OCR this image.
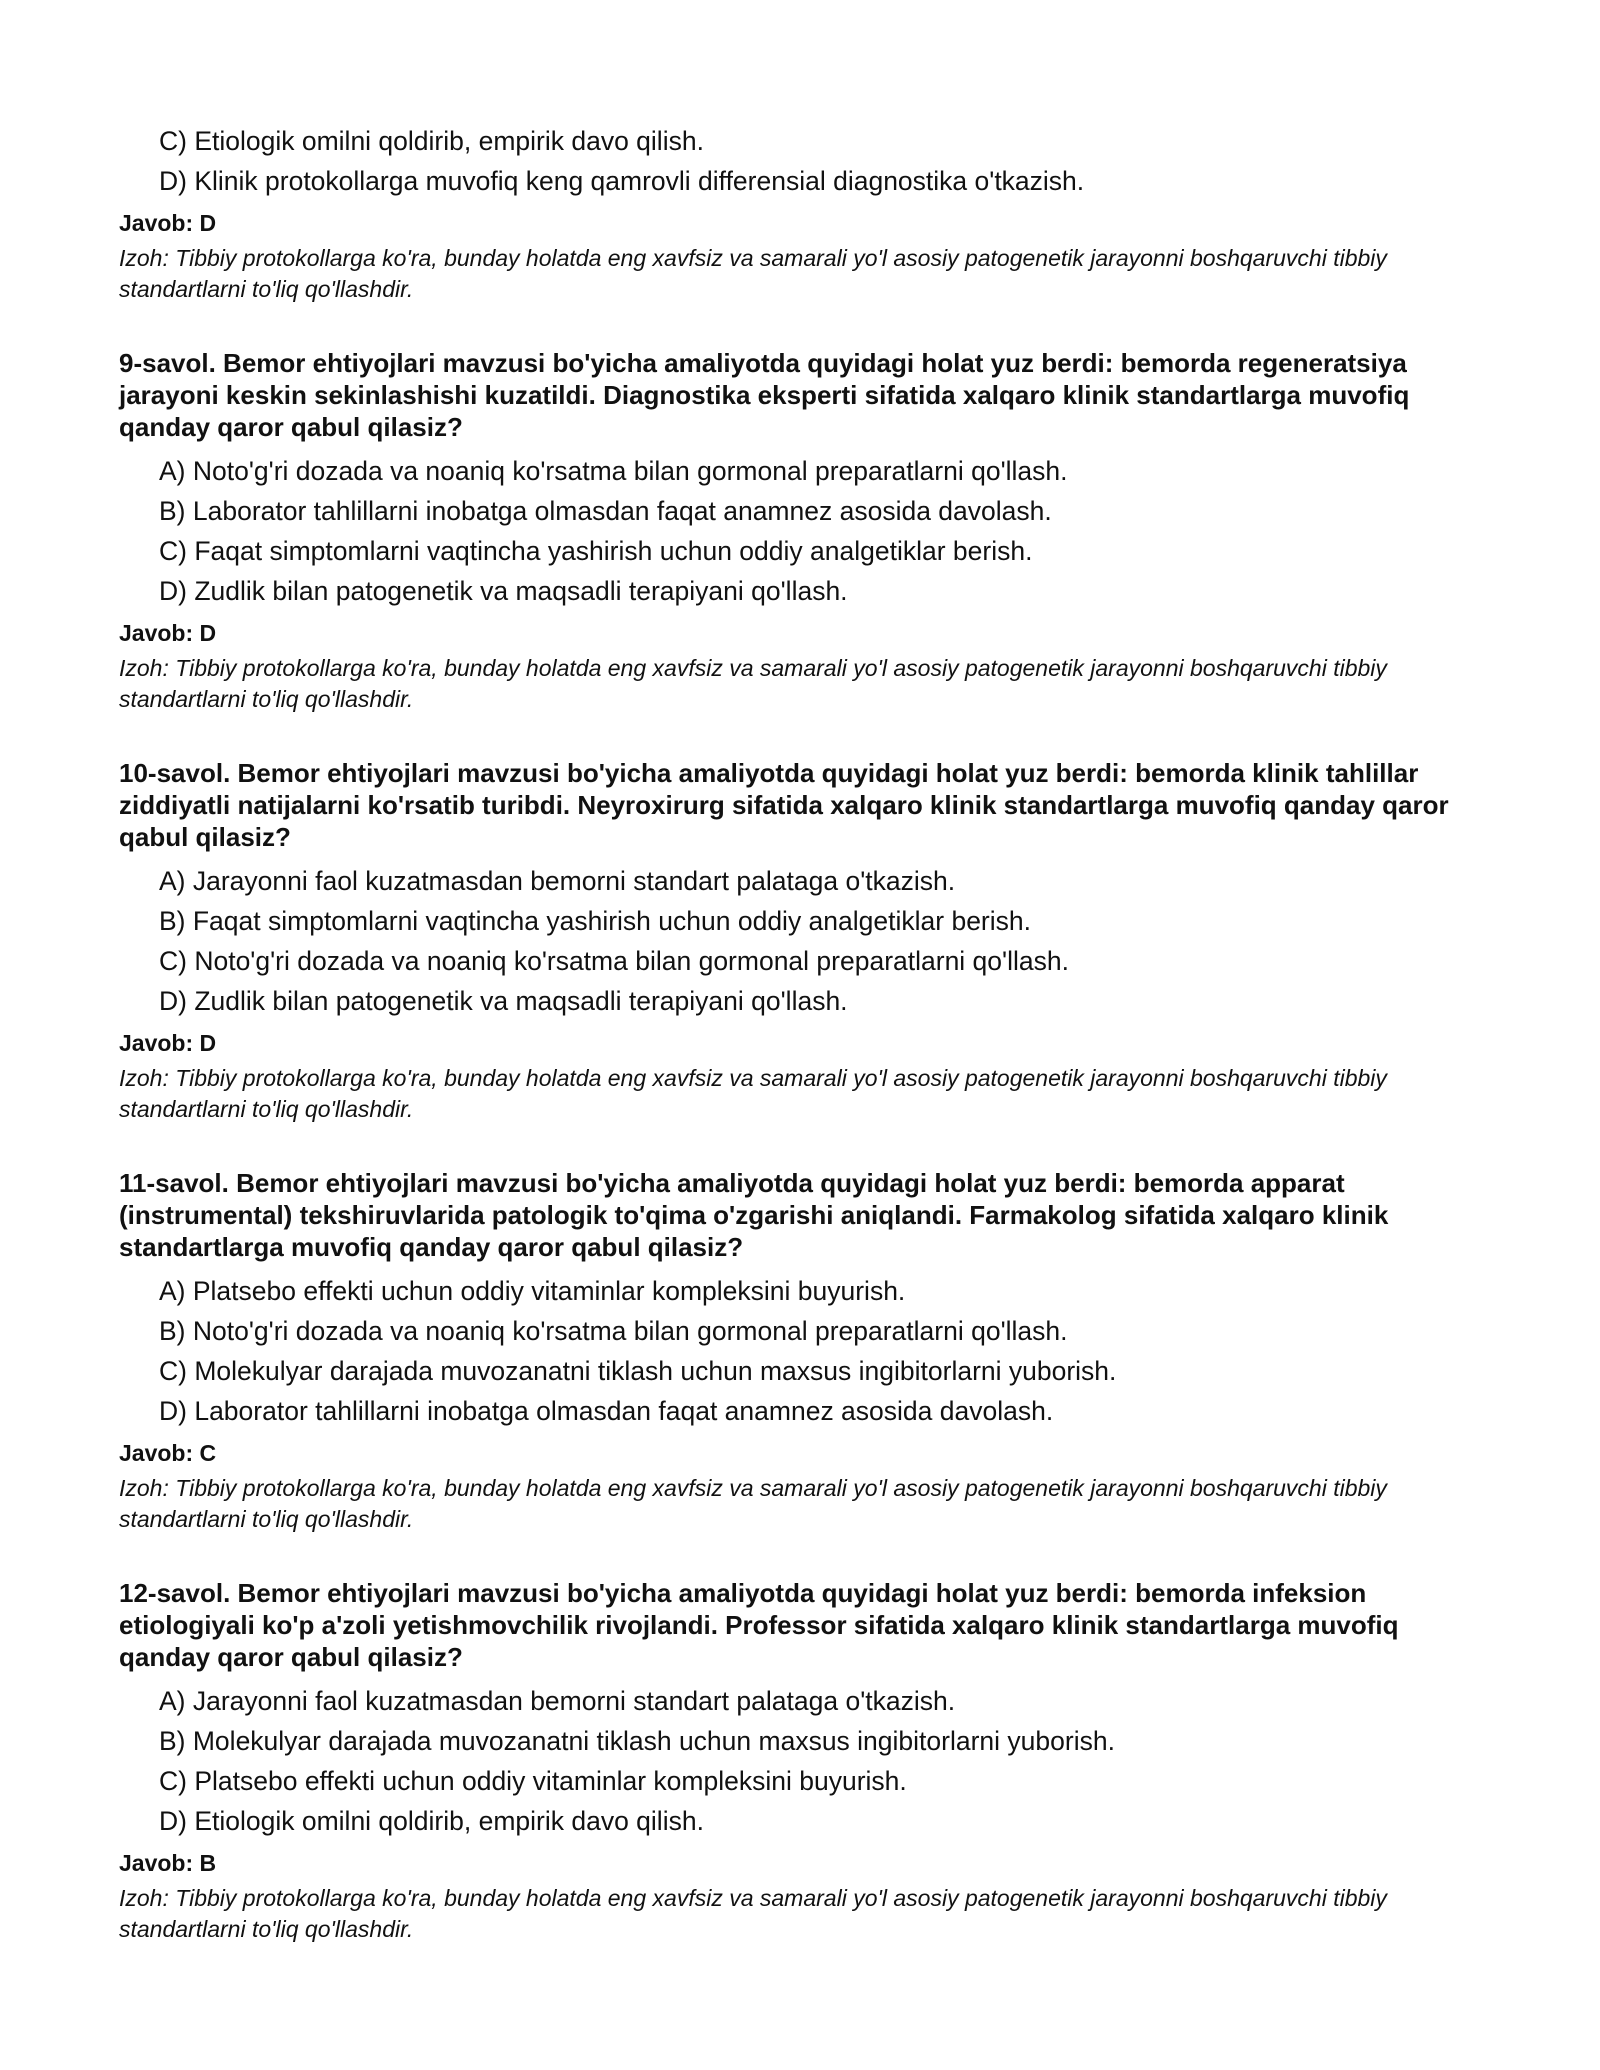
C) Etiologik omilni qoldirib, empirik davo qilish.
D) Klinik protokollarga muvofiq keng qamrovli differensial diagnostika o'tkazish.

Javob: D

Izoh: Tibbiy protokollarga ko'ra, bunday holatda eng xavfsiz va samarali yo'l asosiy patogenetik jarayonni boshqaruvchi tibbiy standartlarni to'liq qo'llashdir.

9-savol. Bemor ehtiyojlari mavzusi bo'yicha amaliyotda quyidagi holat yuz berdi: bemorda regeneratsiya jarayoni keskin sekinlashishi kuzatildi. Diagnostika eksperti sifatida xalqaro klinik standartlarga muvofiq qanday qaror qabul qilasiz?

A) Noto'g'ri dozada va noaniq ko'rsatma bilan gormonal preparatlarni qo'llash.
B) Laborator tahlillarni inobatga olmasdan faqat anamnez asosida davolash.
C) Faqat simptomlarni vaqtincha yashirish uchun oddiy analgetiklar berish.
D) Zudlik bilan patogenetik va maqsadli terapiyani qo'llash.

Javob: D

Izoh: Tibbiy protokollarga ko'ra, bunday holatda eng xavfsiz va samarali yo'l asosiy patogenetik jarayonni boshqaruvchi tibbiy standartlarni to'liq qo'llashdir.

10-savol. Bemor ehtiyojlari mavzusi bo'yicha amaliyotda quyidagi holat yuz berdi: bemorda klinik tahlillar ziddiyatli natijalarni ko'rsatib turibdi. Neyroxirurg sifatida xalqaro klinik standartlarga muvofiq qanday qaror qabul qilasiz?

A) Jarayonni faol kuzatmasdan bemorni standart palataga o'tkazish.
B) Faqat simptomlarni vaqtincha yashirish uchun oddiy analgetiklar berish.
C) Noto'g'ri dozada va noaniq ko'rsatma bilan gormonal preparatlarni qo'llash.
D) Zudlik bilan patogenetik va maqsadli terapiyani qo'llash.

Javob: D

Izoh: Tibbiy protokollarga ko'ra, bunday holatda eng xavfsiz va samarali yo'l asosiy patogenetik jarayonni boshqaruvchi tibbiy standartlarni to'liq qo'llashdir.

11-savol. Bemor ehtiyojlari mavzusi bo'yicha amaliyotda quyidagi holat yuz berdi: bemorda apparat (instrumental) tekshiruvlarida patologik to'qima o'zgarishi aniqlandi. Farmakolog sifatida xalqaro klinik standartlarga muvofiq qanday qaror qabul qilasiz?

A) Platsebo effekti uchun oddiy vitaminlar kompleksini buyurish.
B) Noto'g'ri dozada va noaniq ko'rsatma bilan gormonal preparatlarni qo'llash.
C) Molekulyar darajada muvozanatni tiklash uchun maxsus ingibitorlarni yuborish.
D) Laborator tahlillarni inobatga olmasdan faqat anamnez asosida davolash.

Javob: C

Izoh: Tibbiy protokollarga ko'ra, bunday holatda eng xavfsiz va samarali yo'l asosiy patogenetik jarayonni boshqaruvchi tibbiy standartlarni to'liq qo'llashdir.

12-savol. Bemor ehtiyojlari mavzusi bo'yicha amaliyotda quyidagi holat yuz berdi: bemorda infeksion etiologiyali ko'p a'zoli yetishmovchilik rivojlandi. Professor sifatida xalqaro klinik standartlarga muvofiq qanday qaror qabul qilasiz?

A) Jarayonni faol kuzatmasdan bemorni standart palataga o'tkazish.
B) Molekulyar darajada muvozanatni tiklash uchun maxsus ingibitorlarni yuborish.
C) Platsebo effekti uchun oddiy vitaminlar kompleksini buyurish.
D) Etiologik omilni qoldirib, empirik davo qilish.

Javob: B

Izoh: Tibbiy protokollarga ko'ra, bunday holatda eng xavfsiz va samarali yo'l asosiy patogenetik jarayonni boshqaruvchi tibbiy standartlarni to'liq qo'llashdir.
